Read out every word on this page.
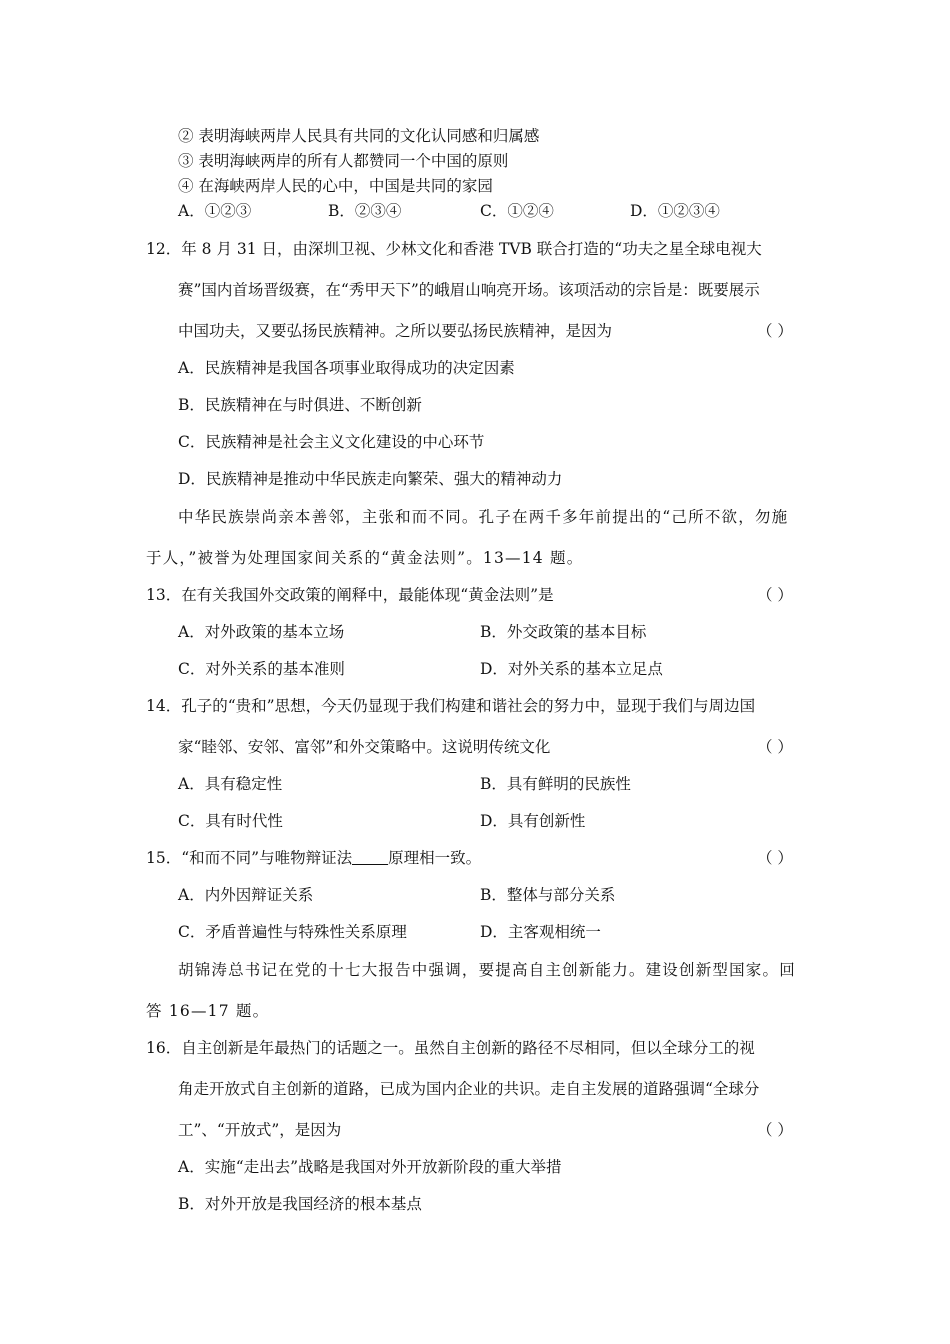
② 表明海峡两岸人民具有共同的文化认同感和归属感
③ 表明海峡两岸的所有人都赞同一个中国的原则
④ 在海峡两岸人民的心中，中国是共同的家园
A．①②③	B．②③④	C．①②④	D．①②③④
12．年 8 月 31 日，由深圳卫视、少林文化和香港 TVB 联合打造的“功夫之星全球电视大
赛”国内首场晋级赛，在“秀甲天下”的峨眉山响亮开场。该项活动的宗旨是：既要展示
中国功夫，又要弘扬民族精神。之所以要弘扬民族精神，是因为	（ ）
A．民族精神是我国各项事业取得成功的决定因素
B．民族精神在与时俱进、不断创新
C．民族精神是社会主义文化建设的中心环节
D．民族精神是推动中华民族走向繁荣、强大的精神动力
中华民族崇尚亲本善邻，主张和而不同。孔子在两千多年前提出的“己所不欲，勿施
于人，”被誉为处理国家间关系的“黄金法则”。13—14 题。
13．在有关我国外交政策的阐释中，最能体现“黄金法则”是	（ ）
A．对外政策的基本立场	B．外交政策的基本目标
C．对外关系的基本准则	D．对外关系的基本立足点
14．孔子的“贵和”思想，今天仍显现于我们构建和谐社会的努力中，显现于我们与周边国
家“睦邻、安邻、富邻”和外交策略中。这说明传统文化	（ ）
A．具有稳定性	B．具有鲜明的民族性
C．具有时代性	D．具有创新性
15．“和而不同”与唯物辩证法 原理相一致。	（ ）
A．内外因辩证关系	B．整体与部分关系
C．矛盾普遍性与特殊性关系原理	D．主客观相统一
胡锦涛总书记在党的十七大报告中强调，要提高自主创新能力。建设创新型国家。回
答 16—17 题。
16．自主创新是年最热门的话题之一。虽然自主创新的路径不尽相同，但以全球分工的视
角走开放式自主创新的道路，已成为国内企业的共识。走自主发展的道路强调“全球分
工”、“开放式”，是因为	（ ）
A．实施“走出去”战略是我国对外开放新阶段的重大举措
B．对外开放是我国经济的根本基点
